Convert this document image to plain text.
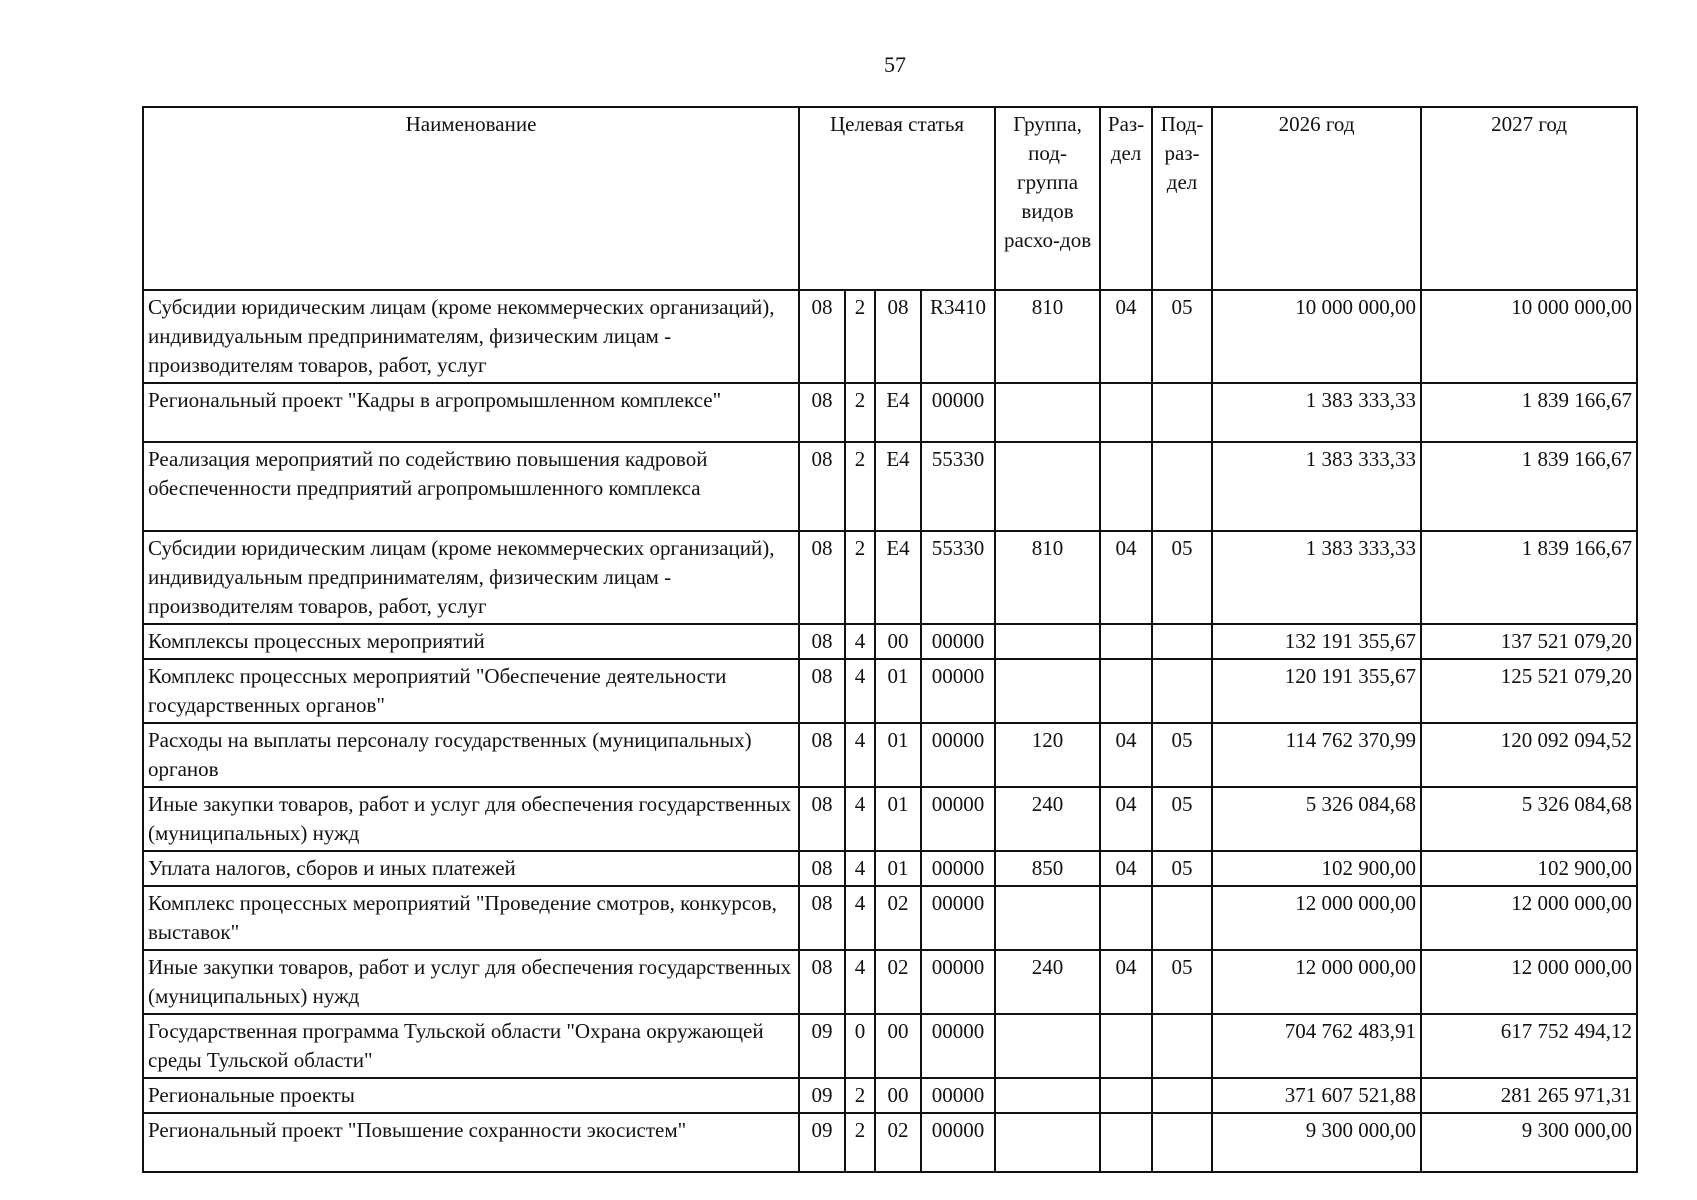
57
Наименование	Целевая статья				Группа, под-группа видов расхо-дов	Раз-дел	Под-раз-дел	2026 год	2027 год
Субсидии юридическим лицам (кроме некоммерческих организаций), индивидуальным предпринимателям, физическим лицам - производителям товаров, работ, услуг	08	2	08	R3410	810	04	05	10 000 000,00	10 000 000,00
Региональный проект "Кадры в агропромышленном комплексе"	08	2	Е4	00000				1 383 333,33	1 839 166,67
Реализация мероприятий по содействию повышения кадровой обеспеченности предприятий агропромышленного комплекса	08	2	Е4	55330				1 383 333,33	1 839 166,67
Субсидии юридическим лицам (кроме некоммерческих организаций), индивидуальным предпринимателям, физическим лицам - производителям товаров, работ, услуг	08	2	Е4	55330	810	04	05	1 383 333,33	1 839 166,67
Комплексы процессных мероприятий	08	4	00	00000				132 191 355,67	137 521 079,20
Комплекс процессных мероприятий "Обеспечение деятельности государственных органов"	08	4	01	00000				120 191 355,67	125 521 079,20
Расходы на выплаты персоналу государственных (муниципальных) органов	08	4	01	00000	120	04	05	114 762 370,99	120 092 094,52
Иные закупки товаров, работ и услуг для обеспечения государственных (муниципальных) нужд	08	4	01	00000	240	04	05	5 326 084,68	5 326 084,68
Уплата налогов, сборов и иных платежей	08	4	01	00000	850	04	05	102 900,00	102 900,00
Комплекс процессных мероприятий "Проведение смотров, конкурсов, выставок"	08	4	02	00000				12 000 000,00	12 000 000,00
Иные закупки товаров, работ и услуг для обеспечения государственных (муниципальных) нужд	08	4	02	00000	240	04	05	12 000 000,00	12 000 000,00
Государственная программа Тульской области "Охрана окружающей среды Тульской области"	09	0	00	00000				704 762 483,91	617 752 494,12
Региональные проекты	09	2	00	00000				371 607 521,88	281 265 971,31
Региональный проект "Повышение сохранности экосистем"	09	2	02	00000				9 300 000,00	9 300 000,00
